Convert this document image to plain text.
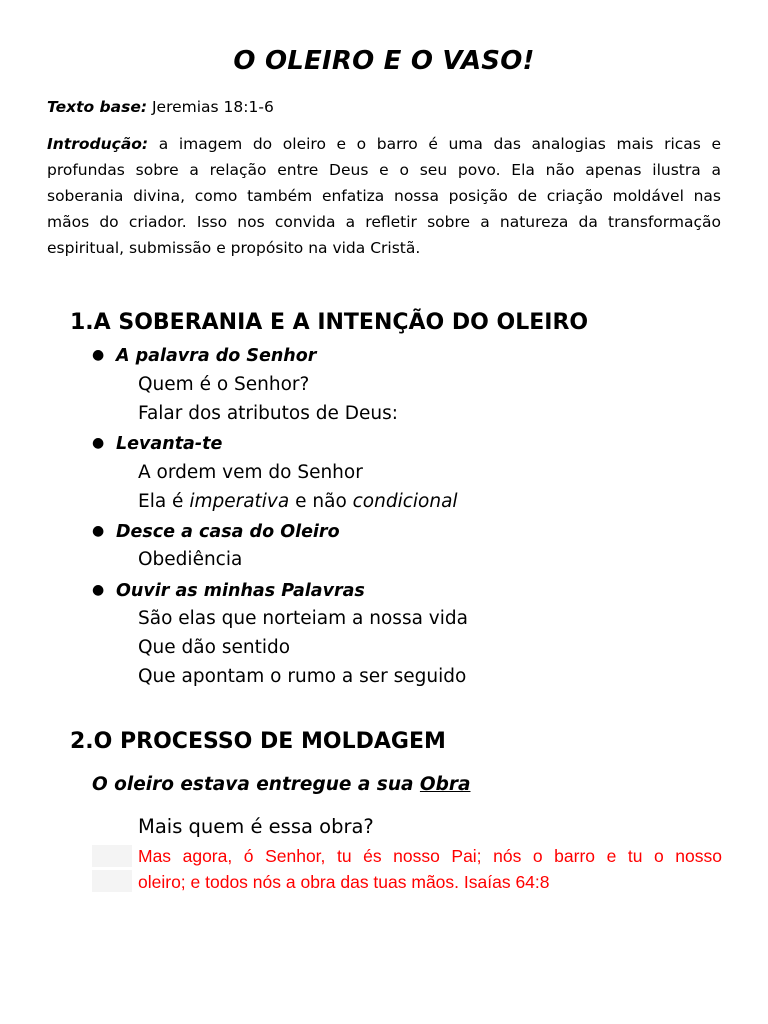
O OLEIRO E O VASO!
Texto base: Jeremias 18:1-6
Introdução: a imagem do oleiro e o barro é uma das analogias mais ricas e
profundas sobre a relação entre Deus e o seu povo. Ela não apenas ilustra a
soberania divina, como também enfatiza nossa posição de criação moldável nas
mãos do criador. Isso nos convida a refletir sobre a natureza da transformação
espiritual, submissão e propósito na vida Cristã.
1.A SOBERANIA E A INTENÇÃO DO OLEIRO
● A palavra do Senhor
Quem é o Senhor?
Falar dos atributos de Deus:
● Levanta-te
A ordem vem do Senhor
Ela é imperativa e não condicional
● Desce a casa do Oleiro
Obediência
● Ouvir as minhas Palavras
São elas que norteiam a nossa vida
Que dão sentido
Que apontam o rumo a ser seguido
2.O PROCESSO DE MOLDAGEM
O oleiro estava entregue a sua Obra
Mais quem é essa obra?
Mas agora, ó Senhor, tu és nosso Pai; nós o barro e tu o nosso
oleiro; e todos nós a obra das tuas mãos. Isaías 64:8
